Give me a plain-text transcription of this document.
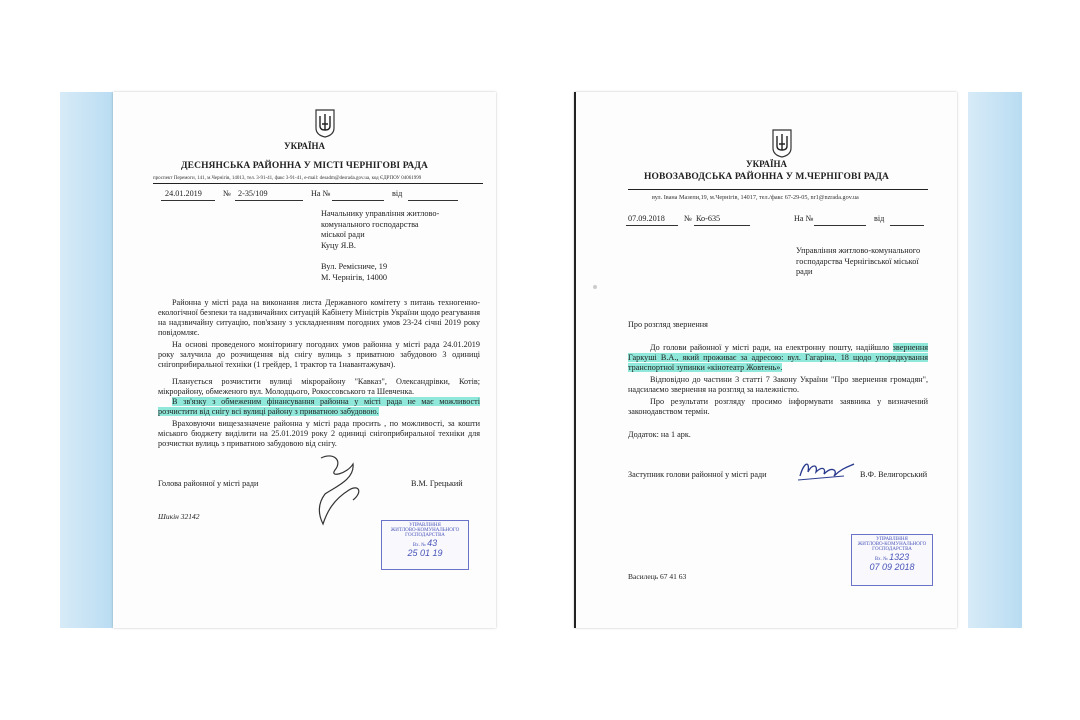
УКРАЇНА
ДЕСНЯНСЬКА РАЙОННА У МІСТІ ЧЕРНІГОВІ РАДА
проспект Перемоги, 141, м.Чернігів, 14013, тел. 3-91-41, факс 3-91-41, e-mail: desadm@desrada.gov.ua, код ЄДРПОУ 04061999
24.01.2019	№ 2-35/109	На №	від
Начальнику управління житлово-
комунального господарства
міської ради
Куцу Я.В.
Вул. Ремісниче, 19
М. Чернігів, 14000
Районна у місті рада на виконання листа Державного комітету з питань техногенно-екологічної безпеки та надзвичайних ситуацій Кабінету Міністрів України щодо реагування на надзвичайну ситуацію, пов'язану з ускладненням погодних умов 23-24 січні 2019 року повідомляє.
На основі проведеного моніторингу погодних умов районна у місті рада 24.01.2019 року залучила до розчищення від снігу вулиць з приватною забудовою 3 одиниці снігоприбиральної техніки (1 грейдер, 1 трактор та 1навантажувач).
Планується розчистити вулиці мікрорайону "Кавказ", Олександрівки, Котів; мікрорайону, обмеженого вул. Молодцього, Рокоссовського та Шевченка.
В зв'язку з обмеженим фінансування районна у місті рада не має можливості розчистити від снігу всі вулиці району з приватною забудовою.
Враховуючи вищезазначене районна у місті рада просить , по можливості, за кошти міського бюджету виділити на 25.01.2019 року 2 одиниці снігоприбиральної техніки для розчистки вулиць з приватною забудовою від снігу.
Голова районної у місті ради	В.М. Грецький
Шикін 32142
УПРАВЛІННЯ
ЖИТЛОВО-КОМУНАЛЬНОГО
ГОСПОДАРСТВА
Вх. № 43
25 01 19
УКРАЇНА
НОВОЗАВОДСЬКА РАЙОННА У М.ЧЕРНІГОВІ РАДА
вул. Івана Мазепи,19, м.Чернігів, 14017, тел./факс 67-29-05, nr1@nzrada.gov.ua
07.09.2018 № Ко-635	На №	від
Управління житлово-комунального
господарства Чернігівської міської
ради
Про розгляд звернення
До голови районної у місті ради, на електронну пошту, надійшло звернення Гаркуші В.А., який проживає за адресою: вул. Гагаріна, 18 щодо упорядкування транспортної зупинки «кінотеатр Жовтень».
Відповідно до частини 3 статті 7 Закону України "Про звернення громадян", надсилаємо звернення на розгляд за належністю.
Про результати розгляду просимо інформувати заявника у визначений законодавством термін.
Додаток: на 1 арк.
Заступник голови районної у місті ради	В.Ф. Велигорський
УПРАВЛІННЯ
ЖИТЛОВО-КОМУНАЛЬНОГО
ГОСПОДАРСТВА
Вх. № 1323
07 09 2018
Василець 67 41 63
